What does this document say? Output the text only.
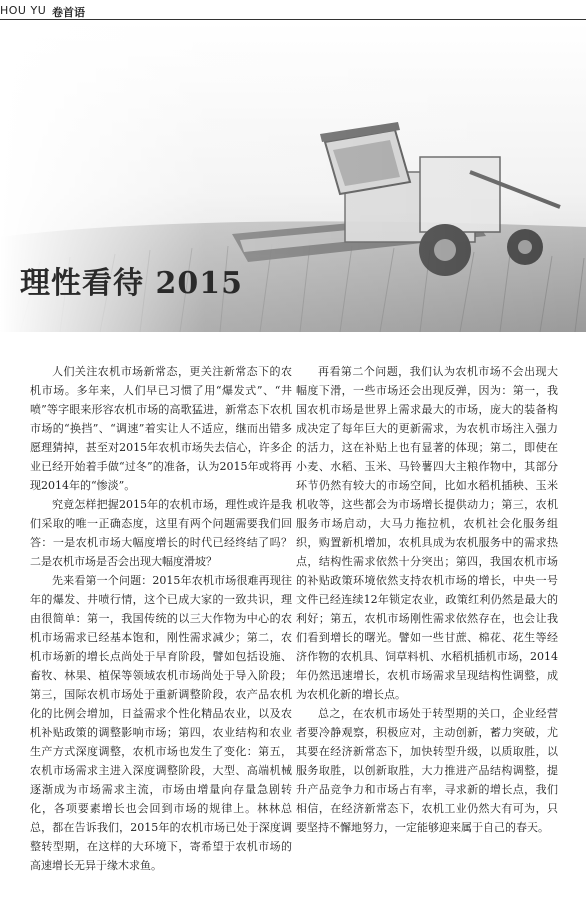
HOU YU 卷首语
理性看待 2015

人们关注农机市场新常态，更关注新常态下的农机市场。多年来，人们早已习惯了用“爆发式”、“井喷”等字眼来形容农机市场的高歌猛进，新常态下农机市场的“换挡”、“调速”着实让人不适应，继而出错多愿理猜掉，甚至对2015年农机市场失去信心，许多企业已经开始着手做“过冬”的准备，认为2015年或将再现2014年的“惨淡”。

究竟怎样把握2015年的农机市场，理性或许是我们采取的唯一正确态度，这里有两个问题需要我们回答：一是农机市场大幅度增长的时代已经终结了吗？二是农机市场是否会出现大幅度滑坡？

先来看第一个问题：2015年农机市场很难再现往年的爆发、井喷行情，这个已成大家的一致共识，理由很简单：第一，我国传统的以三大作物为中心的农机市场需求已经基本饱和，刚性需求减少；第二，农机市场新的增长点尚处于早育阶段，譬如包括设施、畜牧、林果、植保等领域农机市场尚处于导入阶段；第三，国际农机市场处于重新调整阶段，农产品农机化的比例会增加，日益需求个性化精品农业，以及农机补贴政策的调整影响市场；第四，农业结构和农业生产方式深度调整，农机市场也发生了变化：第五，农机市场需求主进入深度调整阶段，大型、高端机械逐渐成为市场需求主流，市场由增量向存量急剧转化，各项要素增长也会回到市场的规律上。林林总总，都在告诉我们，2015年的农机市场已处于深度调整转型期，在这样的大环境下，寄希望于农机市场的高速增长无异于缘木求鱼。

再看第二个问题，我们认为农机市场不会出现大幅度下滑，一些市场还会出现反弹，因为：第一，我国农机市场是世界上需求最大的市场，庞大的装备构成决定了每年巨大的更新需求，为农机市场注入强力的活力，这在补贴上也有显著的体现；第二，即使在小麦、水稻、玉米、马铃薯四大主粮作物中，其部分环节仍然有较大的市场空间，比如水稻机插秧、玉米机收等，这些都会为市场增长提供动力；第三，农机服务市场启动，大马力拖拉机，农机社会化服务组织，购置新机增加，农机具成为农机服务中的需求热点，结构性需求依然十分突出；第四，我国农机市场的补贴政策环境依然支持农机市场的增长，中央一号文件已经连续12年锁定农业，政策红利仍然是最大的利好；第五，农机市场刚性需求依然存在，也会让我们看到增长的曙光。譬如一些甘蔗、棉花、花生等经济作物的农机具、饲草料机、水稻机插机市场，2014年仍然迅速增长，农机市场需求呈现结构性调整，成为农机化新的增长点。

总之，在农机市场处于转型期的关口，企业经营者要冷静观察，积极应对，主动创新，蓄力突破，尤其要在经济新常态下，加快转型升级，以质取胜，以服务取胜，以创新取胜，大力推进产品结构调整，提升产品竞争力和市场占有率，寻求新的增长点，我们相信，在经济新常态下，农机工业仍然大有可为，只要坚持不懈地努力，一定能够迎来属于自己的春天。
